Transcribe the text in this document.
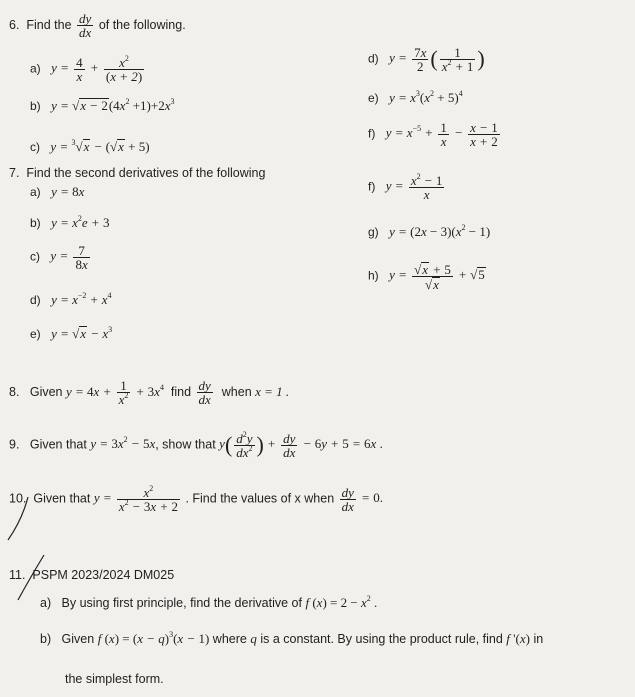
6. Find the $\frac{dy}{dx}$ of the following.
a) $y = \frac{4}{x} + \frac{x^2}{(x + 2)}$	d) $y = \frac{7x}{2}$ ( $\frac{1}{x^2 + 1}$ )
b) $y = √x - 2(4x^2 +1)+2x^3$	e) $y = x^3(x^2 + 5)^4$
c) y = $^3$√x − (√x + 5)
f) $y = x^{-5} + \frac{1}{x} - \frac{x - 1}{x + 2}$
7. Find the second derivatives of the following
a) y = 8x	f) $y = \frac{x^2 - 1}{x}$
b) $y = x^2e + 3$
g) $y = (2x - 3)(x^2 - 1)$
c) $y = \frac{7}{8x}$
h) $y = \frac{√x + 5}{√x} + √5$
d) $y = x^{-2} + x^4$
e) $y = √x - x^3$
8. Given $y = 4x + \frac{1}{x^2} + 3x^4$ find $\frac{dy}{dx}$ when x = 1 .
9. Given that $y = 3x^2 - 5x$, show that $y( \frac{d^2y}{dx^2}$ ) + $\frac{dy}{dx} - 6y + 5 = 6x$ .
10. Given that $y = \frac{x^2}{x^2 - 3x + 2}$ . Find the values of x when $\frac{dy}{dx} = 0$.
11. PSPM 2023/2024 DM025
a) By using first principle, find the derivative of f $(x) = 2 - x^2$ .
b) Given f $(x) = (x - q)^3(x - 1)$ where q is a constant. By using the product rule, find f '(x) in
the simplest form.
